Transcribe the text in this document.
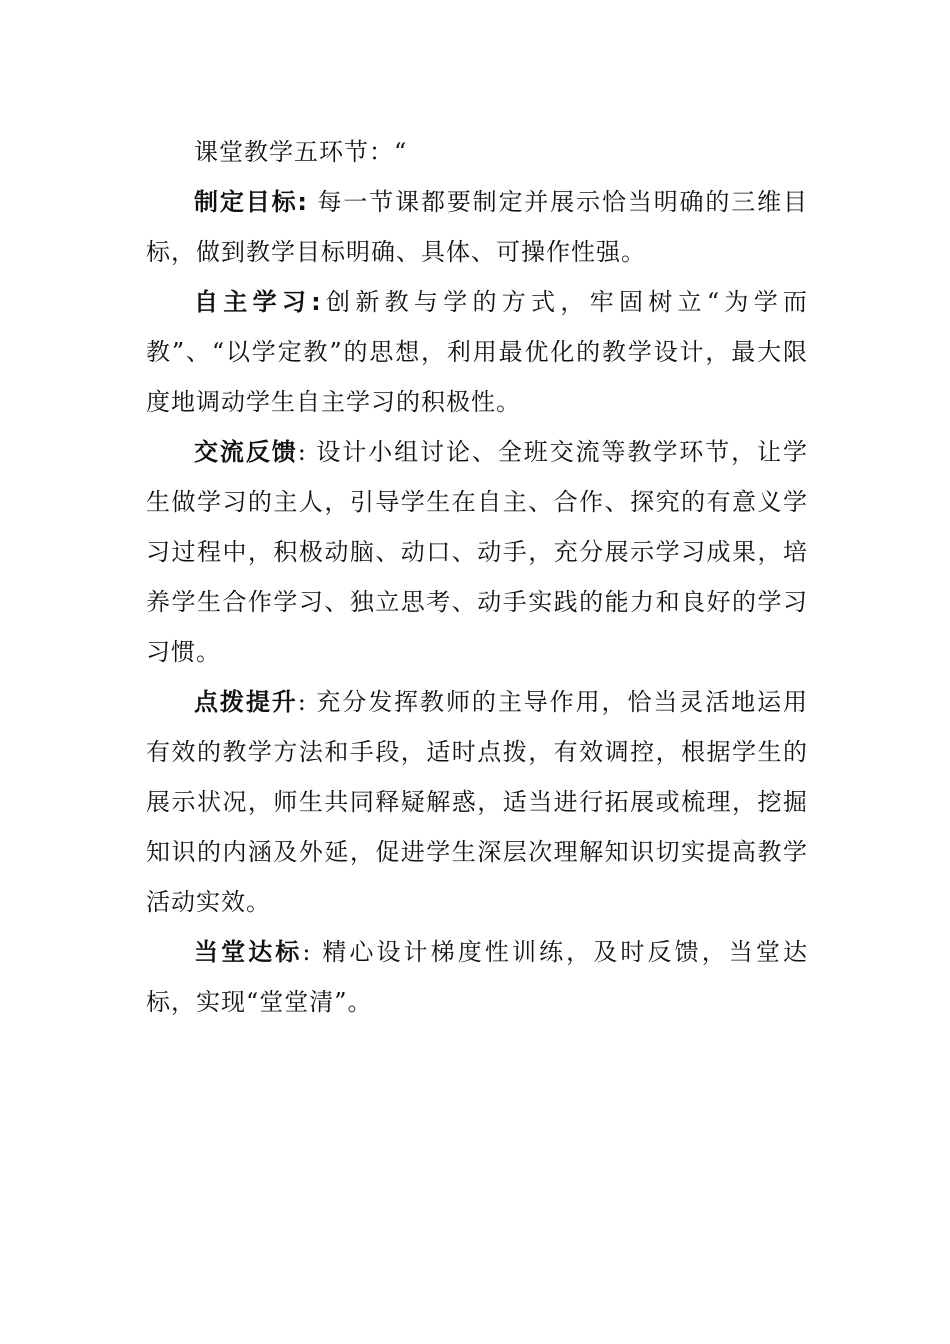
课堂教学五环节：“

制定目标: 每一节课都要制定并展示恰当明确的三维目标，做到教学目标明确、具体、可操作性强。

自主学习:创新教与学的方式，牢固树立“为学而教”、“以学定教”的思想，利用最优化的教学设计，最大限度地调动学生自主学习的积极性。

交流反馈: 设计小组讨论、全班交流等教学环节，让学生做学习的主人，引导学生在自主、合作、探究的有意义学习过程中，积极动脑、动口、动手，充分展示学习成果，培养学生合作学习、独立思考、动手实践的能力和良好的学习习惯。

点拨提升: 充分发挥教师的主导作用，恰当灵活地运用有效的教学方法和手段，适时点拨，有效调控，根据学生的展示状况，师生共同释疑解惑，适当进行拓展或梳理，挖掘知识的内涵及外延，促进学生深层次理解知识切实提高教学活动实效。

当堂达标: 精心设计梯度性训练，及时反馈，当堂达标，实现“堂堂清”。
